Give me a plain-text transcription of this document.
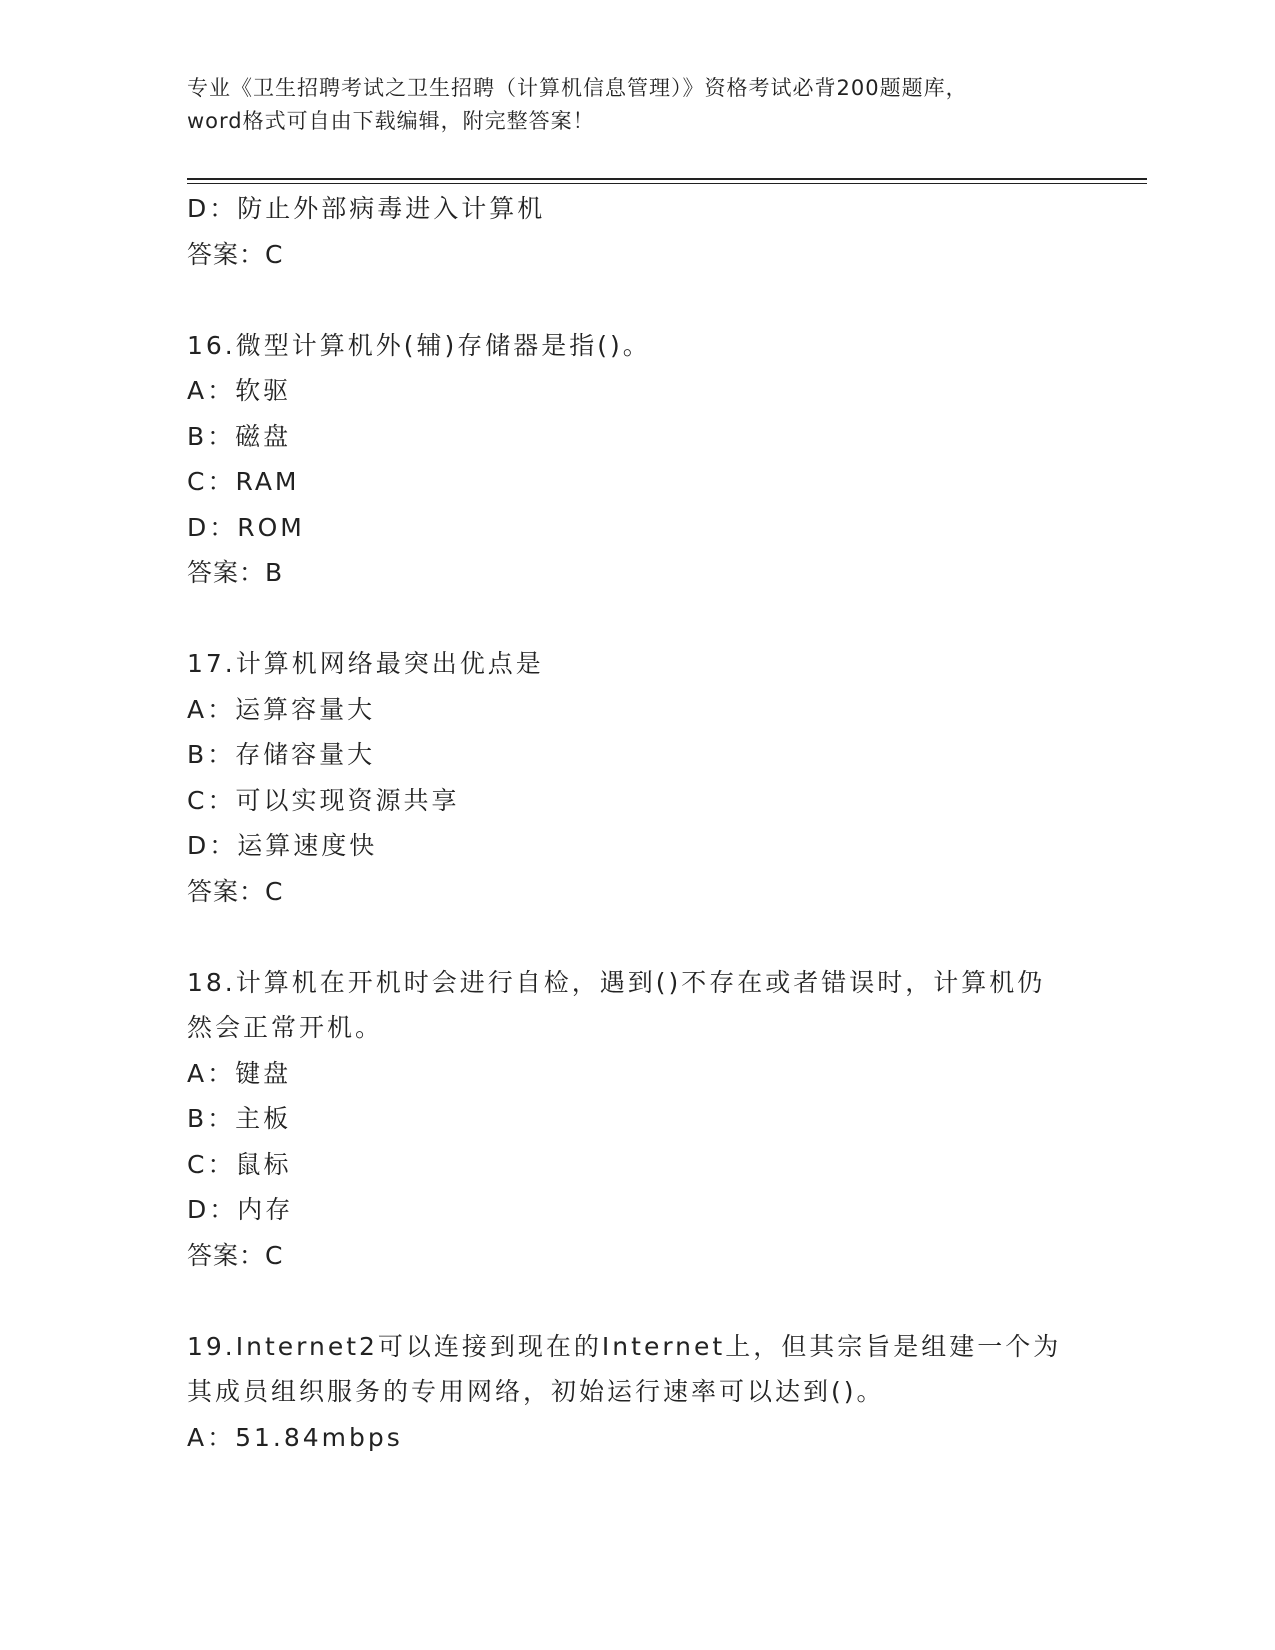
专业《卫生招聘考试之卫生招聘（计算机信息管理）》资格考试必背200题题库，
word格式可自由下载编辑，附完整答案！
D：防止外部病毒进入计算机
答案：C
16.微型计算机外(辅)存储器是指()。
A：软驱
B：磁盘
C：RAM
D：ROM
答案：B
17.计算机网络最突出优点是
A：运算容量大
B：存储容量大
C：可以实现资源共享
D：运算速度快
答案：C
18.计算机在开机时会进行自检，遇到()不存在或者错误时，计算机仍
然会正常开机。
A：键盘
B：主板
C：鼠标
D：内存
答案：C
19.Internet2可以连接到现在的Internet上，但其宗旨是组建一个为
其成员组织服务的专用网络，初始运行速率可以达到()。
A：51.84mbps
